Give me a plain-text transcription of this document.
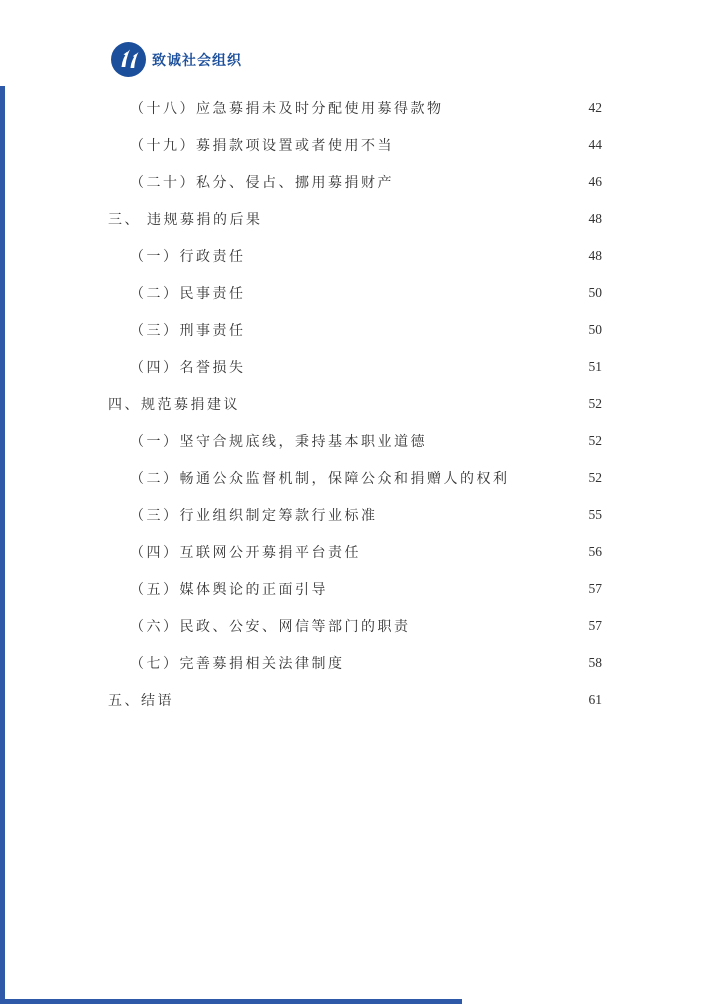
致诚社会组织
（十八）应急募捐未及时分配使用募得款物	42
（十九）募捐款项设置或者使用不当	44
（二十）私分、侵占、挪用募捐财产	46
三、 违规募捐的后果	48
（一）行政责任	48
（二）民事责任	50
（三）刑事责任	50
（四）名誉损失	51
四、规范募捐建议	52
（一）坚守合规底线，秉持基本职业道德	52
（二）畅通公众监督机制，保障公众和捐赠人的权利	52
（三）行业组织制定筹款行业标准	55
（四）互联网公开募捐平台责任	56
（五）媒体舆论的正面引导	57
（六）民政、公安、网信等部门的职责	57
（七）完善募捐相关法律制度	58
五、结语	61
